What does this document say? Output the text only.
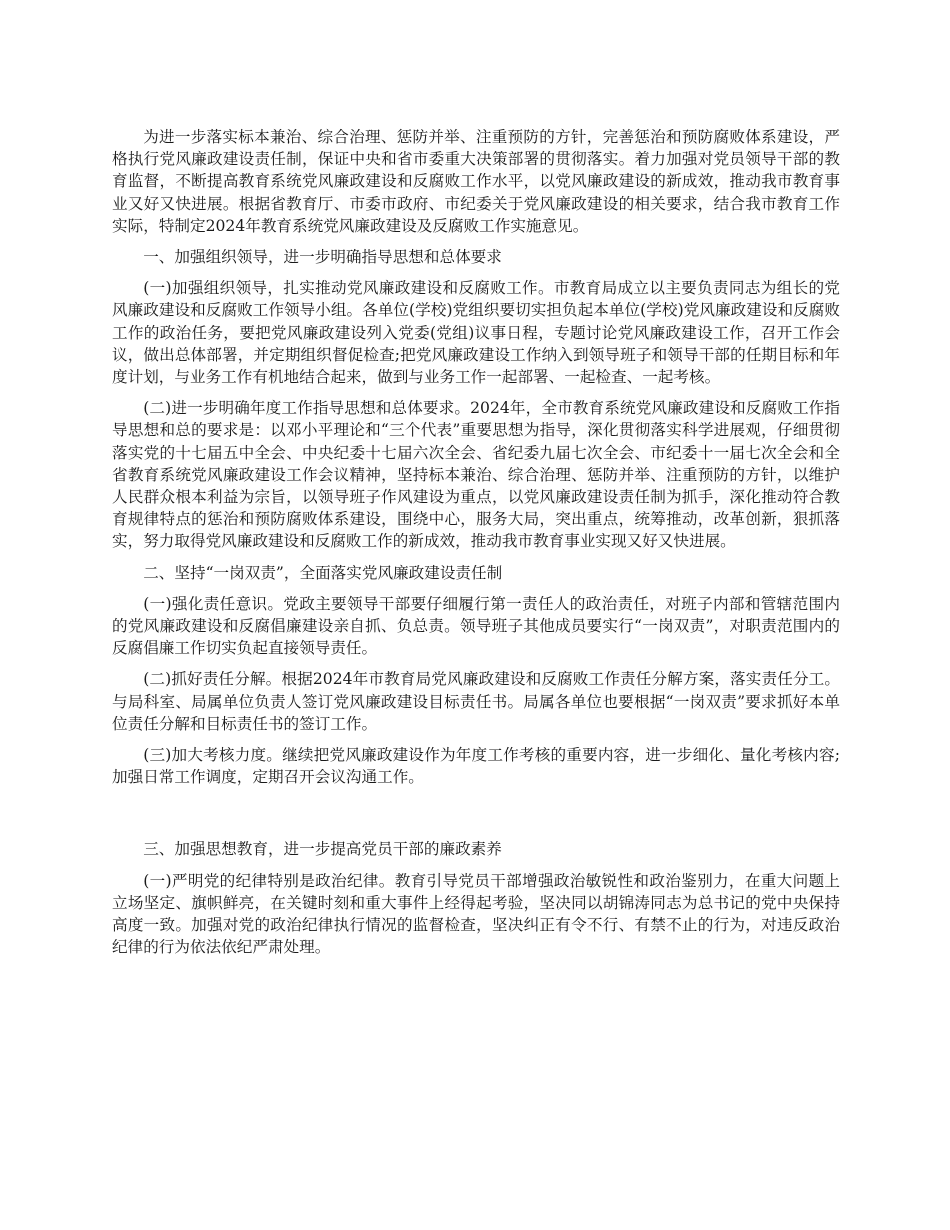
为进一步落实标本兼治、综合治理、惩防并举、注重预防的方针，完善惩治和预防腐败体系建设，严格执行党风廉政建设责任制，保证中央和省市委重大决策部署的贯彻落实。着力加强对党员领导干部的教育监督，不断提高教育系统党风廉政建设和反腐败工作水平，以党风廉政建设的新成效，推动我市教育事业又好又快进展。根据省教育厅、市委市政府、市纪委关于党风廉政建设的相关要求，结合我市教育工作实际，特制定2024年教育系统党风廉政建设及反腐败工作实施意见。

一、加强组织领导，进一步明确指导思想和总体要求

(一)加强组织领导，扎实推动党风廉政建设和反腐败工作。市教育局成立以主要负责同志为组长的党风廉政建设和反腐败工作领导小组。各单位(学校)党组织要切实担负起本单位(学校)党风廉政建设和反腐败工作的政治任务，要把党风廉政建设列入党委(党组)议事日程，专题讨论党风廉政建设工作，召开工作会议，做出总体部署，并定期组织督促检查;把党风廉政建设工作纳入到领导班子和领导干部的任期目标和年度计划，与业务工作有机地结合起来，做到与业务工作一起部署、一起检查、一起考核。

(二)进一步明确年度工作指导思想和总体要求。2024年，全市教育系统党风廉政建设和反腐败工作指导思想和总的要求是：以邓小平理论和“三个代表”重要思想为指导，深化贯彻落实科学进展观，仔细贯彻落实党的十七届五中全会、中央纪委十七届六次全会、省纪委九届七次全会、市纪委十一届七次全会和全省教育系统党风廉政建设工作会议精神，坚持标本兼治、综合治理、惩防并举、注重预防的方针，以维护人民群众根本利益为宗旨，以领导班子作风建设为重点，以党风廉政建设责任制为抓手，深化推动符合教育规律特点的惩治和预防腐败体系建设，围绕中心，服务大局，突出重点，统筹推动，改革创新，狠抓落实，努力取得党风廉政建设和反腐败工作的新成效，推动我市教育事业实现又好又快进展。

二、坚持“一岗双责”，全面落实党风廉政建设责任制

(一)强化责任意识。党政主要领导干部要仔细履行第一责任人的政治责任，对班子内部和管辖范围内的党风廉政建设和反腐倡廉建设亲自抓、负总责。领导班子其他成员要实行“一岗双责”，对职责范围内的反腐倡廉工作切实负起直接领导责任。

(二)抓好责任分解。根据2024年市教育局党风廉政建设和反腐败工作责任分解方案，落实责任分工。与局科室、局属单位负责人签订党风廉政建设目标责任书。局属各单位也要根据“一岗双责”要求抓好本单位责任分解和目标责任书的签订工作。

(三)加大考核力度。继续把党风廉政建设作为年度工作考核的重要内容，进一步细化、量化考核内容;加强日常工作调度，定期召开会议沟通工作。

三、加强思想教育，进一步提高党员干部的廉政素养

(一)严明党的纪律特别是政治纪律。教育引导党员干部增强政治敏锐性和政治鉴别力，在重大问题上立场坚定、旗帜鲜亮，在关键时刻和重大事件上经得起考验，坚决同以胡锦涛同志为总书记的党中央保持高度一致。加强对党的政治纪律执行情况的监督检查，坚决纠正有令不行、有禁不止的行为，对违反政治纪律的行为依法依纪严肃处理。
